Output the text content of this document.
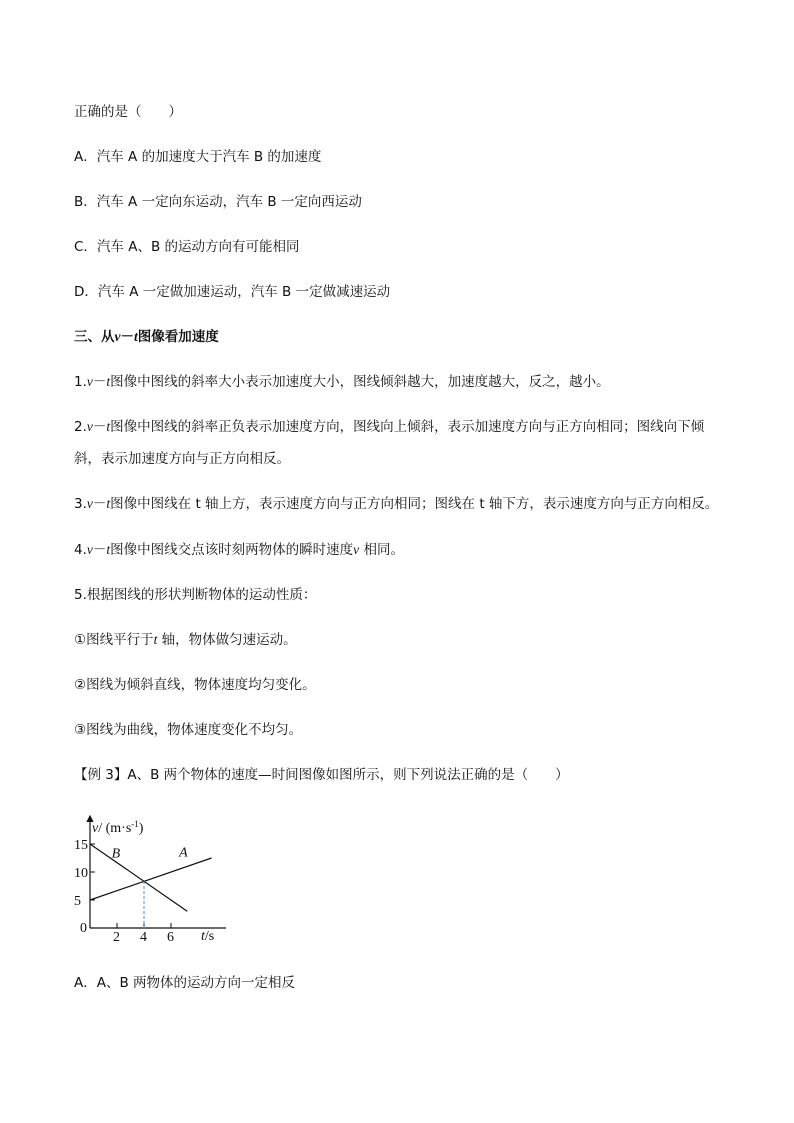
正确的是（　　）
A．汽车 A 的加速度大于汽车 B 的加速度
B．汽车 A 一定向东运动，汽车 B 一定向西运动
C．汽车 A、B 的运动方向有可能相同
D．汽车 A 一定做加速运动，汽车 B 一定做减速运动
三、从v－t图像看加速度
1.v－t图像中图线的斜率大小表示加速度大小，图线倾斜越大，加速度越大，反之，越小。
2.v－t图像中图线的斜率正负表示加速度方向，图线向上倾斜，表示加速度方向与正方向相同；图线向下倾
斜，表示加速度方向与正方向相反。
3.v－t图像中图线在 t 轴上方，表示速度方向与正方向相同；图线在 t 轴下方，表示速度方向与正方向相反。
4.v－t图像中图线交点该时刻两物体的瞬时速度v 相同。
5.根据图线的形状判断物体的运动性质：
①图线平行于t 轴，物体做匀速运动。
②图线为倾斜直线，物体速度均匀变化。
③图线为曲线，物体速度变化不均匀。
【例 3】A、B 两个物体的速度—时间图像如图所示，则下列说法正确的是（　　）
v/ $(m\cdot s^{-1})$
t/s
0
2 4 6
15
10
5
A
B
A．A、B 两物体的运动方向一定相反
